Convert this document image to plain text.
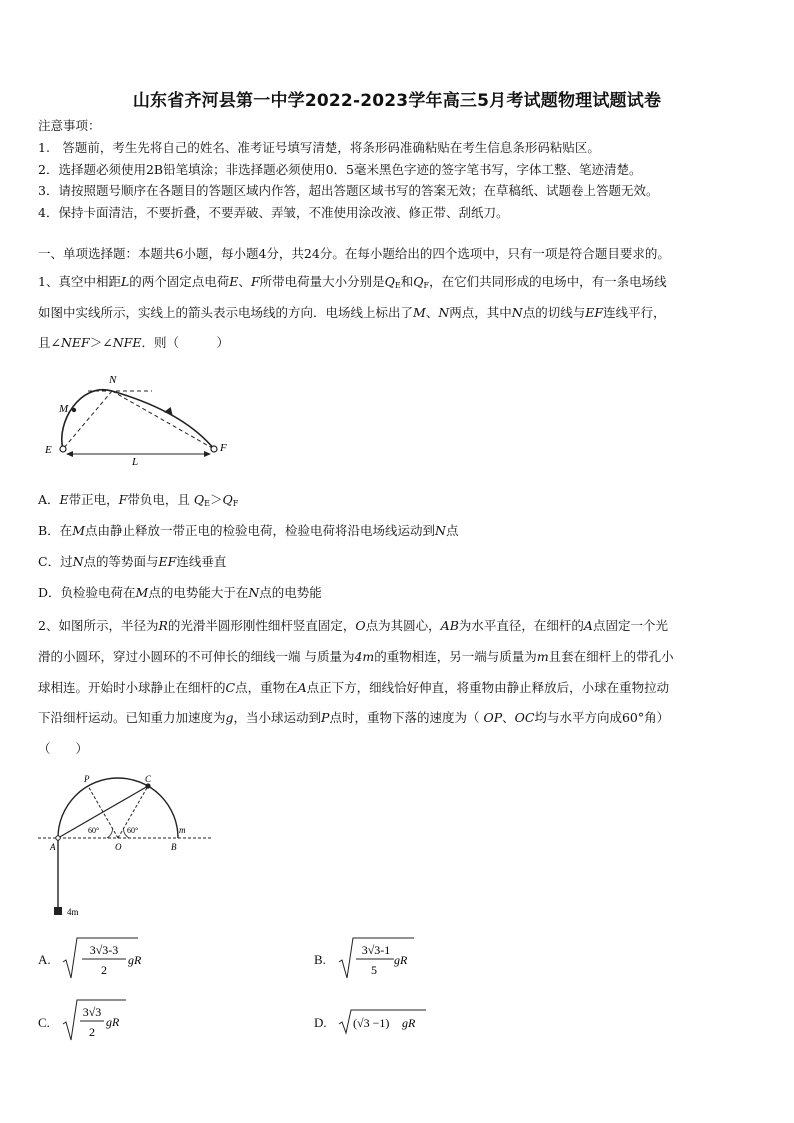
山东省齐河县第一中学2022-2023学年高三5月考试题物理试题试卷
注意事项：
1.　答题前，考生先将自己的姓名、准考证号填写清楚，将条形码准确粘贴在考生信息条形码粘贴区。
2．选择题必须使用2B铅笔填涂；非选择题必须使用0．5毫米黑色字迹的签字笔书写，字体工整、笔迹清楚。
3．请按照题号顺序在各题目的答题区域内作答，超出答题区域书写的答案无效；在草稿纸、试题卷上答题无效。
4．保持卡面清洁，不要折叠，不要弄破、弄皱，不准使用涂改液、修正带、刮纸刀。
一、单项选择题：本题共6小题，每小题4分，共24分。在每小题给出的四个选项中，只有一项是符合题目要求的。
1、真空中相距L的两个固定点电荷E、F所带电荷量大小分别是$Q_E$和$Q_F$，在它们共同形成的电场中，有一条电场线
如图中实线所示，实线上的箭头表示电场线的方向．电场线上标出了M、N两点，其中N点的切线与EF连线平行，
且∠NEF＞∠NFE．则（　　　）
N
M
E	F
L
A．E带正电，F带负电，且 $Q_E>Q_F$
B．在M点由静止释放一带正电的检验电荷，检验电荷将沿电场线运动到N点
C．过N点的等势面与EF连线垂直
D．负检验电荷在M点的电势能大于在N点的电势能
2、如图所示，半径为R的光滑半圆形刚性细杆竖直固定，O点为其圆心，AB为水平直径，在细杆的A点固定一个光
滑的小圆环，穿过小圆环的不可伸长的细线一端 与质量为4m的重物相连，另一端与质量为m且套在细杆上的带孔小
球相连。开始时小球静止在细杆的C点，重物在A点正下方，细线恰好伸直，将重物由静止释放后，小球在重物拉动
下沿细杆运动。已知重力加速度为g，当小球运动到P点时，重物下落的速度为（ OP、OC均与水平方向成60°角）
（　　）
P	C
A	O	B
m
60°	60°
4m
A.
3√3-3
2
gR	B.
3√3-1
5
gR
C.
3√3
2
gR	D. (√3 −1) gR
